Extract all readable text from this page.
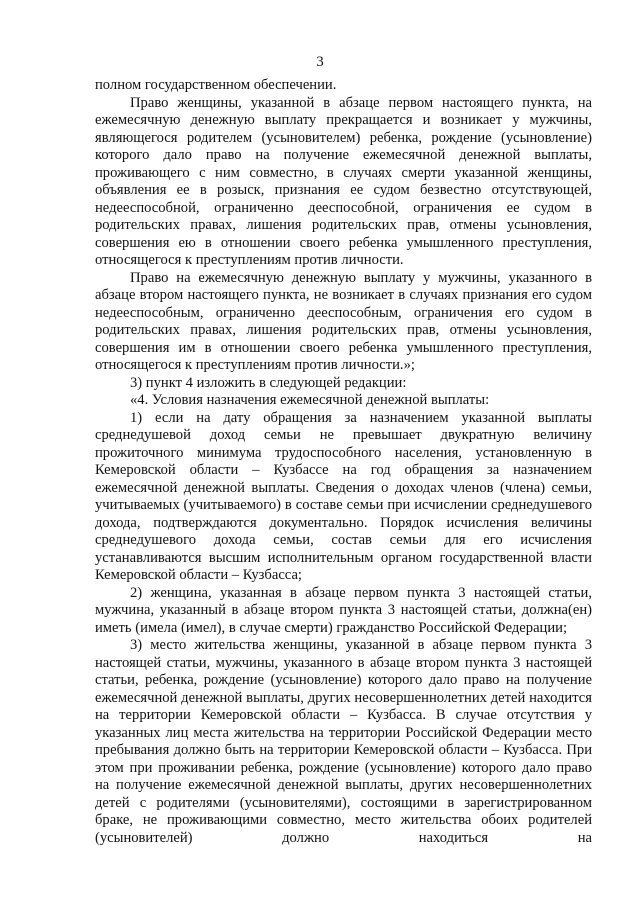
3

полном государственном обеспечении.

Право женщины, указанной в абзаце первом настоящего пункта, на ежемесячную денежную выплату прекращается и возникает у мужчины, являющегося родителем (усыновителем) ребенка, рождение (усыновление) которого дало право на получение ежемесячной денежной выплаты, проживающего с ним совместно, в случаях смерти указанной женщины, объявления ее в розыск, признания ее судом безвестно отсутствующей, недееспособной, ограниченно дееспособной, ограничения ее судом в родительских правах, лишения родительских прав, отмены усыновления, совершения ею в отношении своего ребенка умышленного преступления, относящегося к преступлениям против личности.

Право на ежемесячную денежную выплату у мужчины, указанного в абзаце втором настоящего пункта, не возникает в случаях признания его судом недееспособным, ограниченно дееспособным, ограничения его судом в родительских правах, лишения родительских прав, отмены усыновления, совершения им в отношении своего ребенка умышленного преступления, относящегося к преступлениям против личности.»;

3) пункт 4 изложить в следующей редакции:

«4. Условия назначения ежемесячной денежной выплаты:

1) если на дату обращения за назначением указанной выплаты среднедушевой доход семьи не превышает двукратную величину прожиточного минимума трудоспособного населения, установленную в Кемеровской области – Кузбассе на год обращения за назначением ежемесячной денежной выплаты. Сведения о доходах членов (члена) семьи, учитываемых (учитываемого) в составе семьи при исчислении среднедушевого дохода, подтверждаются документально. Порядок исчисления величины среднедушевого дохода семьи, состав семьи для его исчисления устанавливаются высшим исполнительным органом государственной власти Кемеровской области – Кузбасса;

2) женщина, указанная в абзаце первом пункта 3 настоящей статьи, мужчина, указанный в абзаце втором пункта 3 настоящей статьи, должна(ен) иметь (имела (имел), в случае смерти) гражданство Российской Федерации;

3) место жительства женщины, указанной в абзаце первом пункта 3 настоящей статьи, мужчины, указанного в абзаце втором пункта 3 настоящей статьи, ребенка, рождение (усыновление) которого дало право на получение ежемесячной денежной выплаты, других несовершеннолетних детей находится на территории Кемеровской области – Кузбасса. В случае отсутствия у указанных лиц места жительства на территории Российской Федерации место пребывания должно быть на территории Кемеровской области – Кузбасса. При этом при проживании ребенка, рождение (усыновление) которого дало право на получение ежемесячной денежной выплаты, других несовершеннолетних детей с родителями (усыновителями), состоящими в зарегистрированном браке, не проживающими совместно, место жительства обоих родителей (усыновителей) должно находиться на
